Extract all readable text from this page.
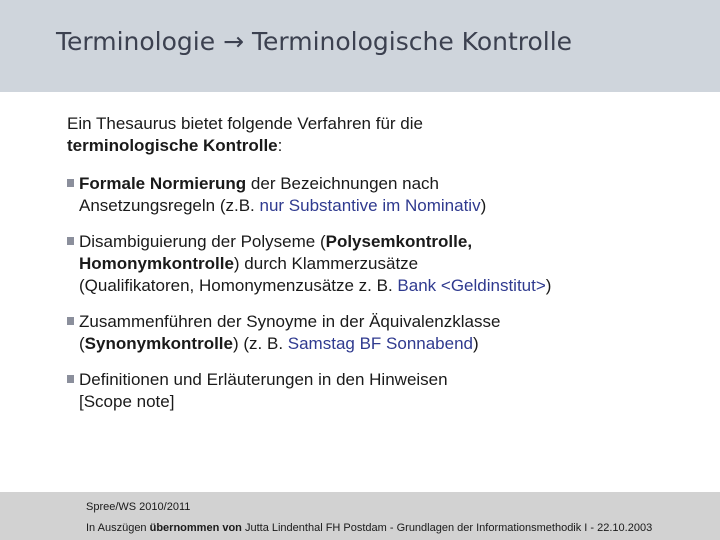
Terminologie → Terminologische Kontrolle
Ein Thesaurus bietet folgende Verfahren für die
terminologische Kontrolle:
Formale Normierung der Bezeichnungen nach
Ansetzungsregeln (z.B. nur Substantive im Nominativ)
Disambiguierung der Polyseme (Polysemkontrolle,
Homonymkontrolle) durch Klammerzusätze
(Qualifikatoren, Homonymenzusätze z. B. Bank <Geldinstitut>)
Zusammenführen der Synoyme in der Äquivalenzklasse
(Synonymkontrolle) (z. B. Samstag BF Sonnabend)
Definitionen und Erläuterungen in den Hinweisen
[Scope note]
Spree/WS 2010/2011
In Auszügen übernommen von Jutta Lindenthal FH Postdam - Grundlagen der Informationsmethodik I - 22.10.2003
